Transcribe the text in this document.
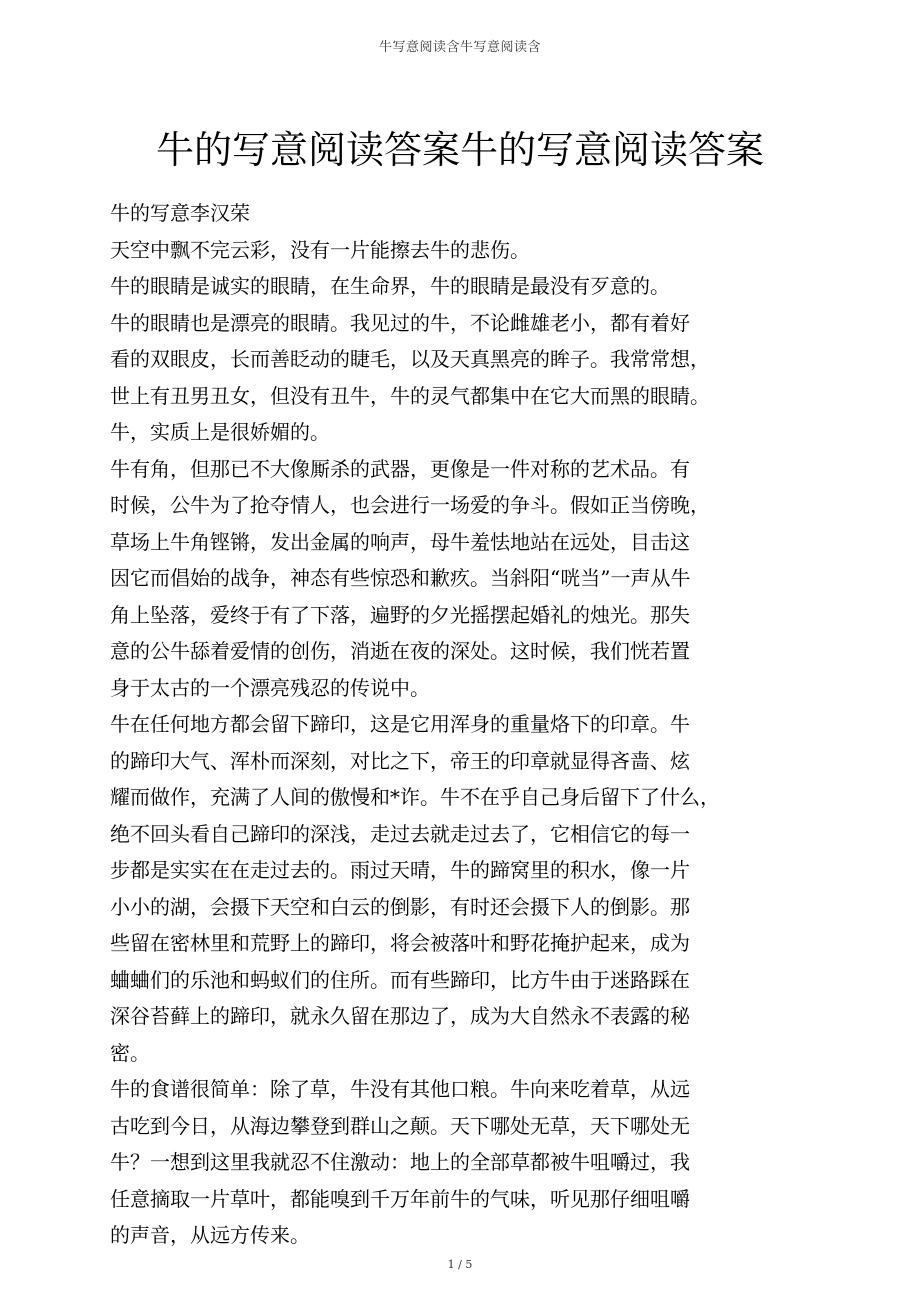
牛写意阅读含牛写意阅读含
牛的写意阅读答案牛的写意阅读答案
牛的写意李汉荣
天空中飘不完云彩，没有一片能擦去牛的悲伤。
牛的眼睛是诚实的眼睛，在生命界，牛的眼睛是最没有歹意的。
牛的眼睛也是漂亮的眼睛。我见过的牛，不论雌雄老小，都有着好
看的双眼皮，长而善眨动的睫毛，以及天真黑亮的眸子。我常常想，
世上有丑男丑女，但没有丑牛，牛的灵气都集中在它大而黑的眼睛。
牛，实质上是很娇媚的。
牛有角，但那已不大像厮杀的武器，更像是一件对称的艺术品。有
时候，公牛为了抢夺情人，也会进行一场爱的争斗。假如正当傍晚，
草场上牛角铿锵，发出金属的响声，母牛羞怯地站在远处，目击这
因它而倡始的战争，神态有些惊恐和歉疚。当斜阳“咣当”一声从牛
角上坠落，爱终于有了下落，遍野的夕光摇摆起婚礼的烛光。那失
意的公牛舔着爱情的创伤，消逝在夜的深处。这时候，我们恍若置
身于太古的一个漂亮残忍的传说中。
牛在任何地方都会留下蹄印，这是它用浑身的重量烙下的印章。牛
的蹄印大气、浑朴而深刻，对比之下，帝王的印章就显得吝啬、炫
耀而做作，充满了人间的傲慢和*诈。牛不在乎自己身后留下了什么，
绝不回头看自己蹄印的深浅，走过去就走过去了，它相信它的每一
步都是实实在在走过去的。雨过天晴，牛的蹄窝里的积水，像一片
小小的湖，会摄下天空和白云的倒影，有时还会摄下人的倒影。那
些留在密林里和荒野上的蹄印，将会被落叶和野花掩护起来，成为
蛐蛐们的乐池和蚂蚁们的住所。而有些蹄印，比方牛由于迷路踩在
深谷苔藓上的蹄印，就永久留在那边了，成为大自然永不表露的秘
密。
牛的食谱很简单：除了草，牛没有其他口粮。牛向来吃着草，从远
古吃到今日，从海边攀登到群山之颠。天下哪处无草，天下哪处无
牛？一想到这里我就忍不住激动：地上的全部草都被牛咀嚼过，我
任意摘取一片草叶，都能嗅到千万年前牛的气味，听见那仔细咀嚼
的声音，从远方传来。
1 / 5
